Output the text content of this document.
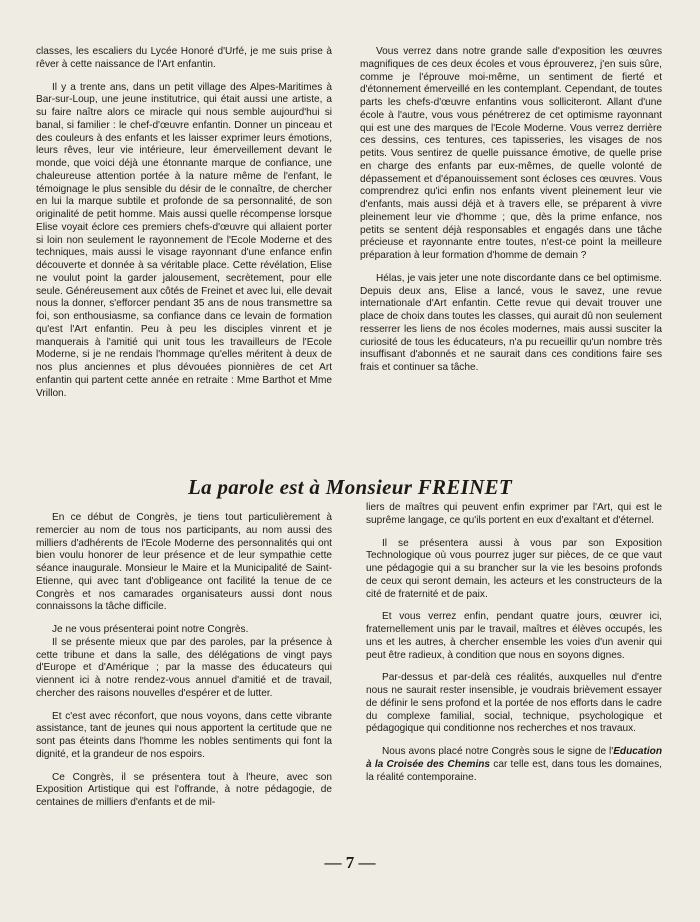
classes, les escaliers du Lycée Honoré d'Urfé, je me suis prise à rêver à cette naissance de l'Art enfantin.

Il y a trente ans, dans un petit village des Alpes-Maritimes à Bar-sur-Loup, une jeune institutrice, qui était aussi une artiste, a su faire naître alors ce miracle qui nous semble aujourd'hui si banal, si familier : le chef-d'œuvre enfantin. Donner un pinceau et des couleurs à des enfants et les laisser exprimer leurs émotions, leurs rêves, leur vie intérieure, leur émerveillement devant le monde, que voici déjà une étonnante marque de confiance, une chaleureuse attention portée à la nature même de l'enfant, le témoignage le plus sensible du désir de le connaître, de chercher en lui la marque subtile et profonde de sa personnalité, de son originalité de petit homme. Mais aussi quelle récompense lorsque Elise voyait éclore ces premiers chefs-d'œuvre qui allaient porter si loin non seulement le rayonnement de l'Ecole Moderne et des techniques, mais aussi le visage rayonnant d'une enfance enfin découverte et donnée à sa véritable place. Cette révélation, Elise ne voulut point la garder jalousement, secrètement, pour elle seule. Généreusement aux côtés de Freinet et avec lui, elle devait nous la donner, s'efforcer pendant 35 ans de nous transmettre sa foi, son enthousiasme, sa confiance dans ce levain de formation qu'est l'Art enfantin. Peu à peu les disciples vinrent et je manquerais à l'amitié qui unit tous les travailleurs de l'Ecole Moderne, si je ne rendais l'hommage qu'elles méritent à deux de nos plus anciennes et plus dévouées pionnières de cet Art enfantin qui partent cette année en retraite : Mme Barthot et Mme Vrillon.

Vous verrez dans notre grande salle d'exposition les œuvres magnifiques de ces deux écoles et vous éprouverez, j'en suis sûre, comme je l'éprouve moi-même, un sentiment de fierté et d'étonnement émerveillé en les contemplant. Cependant, de toutes parts les chefs-d'œuvre enfantins vous solliciteront. Allant d'une école à l'autre, vous vous pénétrerez de cet optimisme rayonnant qui est une des marques de l'Ecole Moderne. Vous verrez derrière ces dessins, ces tentures, ces tapisseries, les visages de nos petits. Vous sentirez de quelle puissance émotive, de quelle prise en charge des enfants par eux-mêmes, de quelle volonté de dépassement et d'épanouissement sont écloses ces œuvres. Vous comprendrez qu'ici enfin nos enfants vivent pleinement leur vie d'enfants, mais aussi déjà et à travers elle, se préparent à vivre pleinement leur vie d'homme ; que, dès la prime enfance, nos petits se sentent déjà responsables et engagés dans une tâche précieuse et rayonnante entre toutes, n'est-ce point la meilleure préparation à leur formation d'homme de demain ?

Hélas, je vais jeter une note discordante dans ce bel optimisme. Depuis deux ans, Elise a lancé, vous le savez, une revue internationale d'Art enfantin. Cette revue qui devait trouver une place de choix dans toutes les classes, qui aurait dû non seulement resserrer les liens de nos écoles modernes, mais aussi susciter la curiosité de tous les éducateurs, n'a pu recueillir qu'un nombre très insuffisant d'abonnés et ne saurait dans ces conditions faire ses frais et continuer sa tâche.

La parole est à Monsieur FREINET

En ce début de Congrès, je tiens tout particulièrement à remercier au nom de tous nos participants, au nom aussi des milliers d'adhérents de l'Ecole Moderne des personnalités qui ont bien voulu honorer de leur présence et de leur sympathie cette séance inaugurale. Monsieur le Maire et la Municipalité de Saint-Etienne, qui avec tant d'obligeance ont facilité la tenue de ce Congrès et nos camarades organisateurs aussi dont nous connaissons la tâche difficile.

Je ne vous présenterai point notre Congrès.

Il se présente mieux que par des paroles, par la présence à cette tribune et dans la salle, des délégations de vingt pays d'Europe et d'Amérique ; par la masse des éducateurs qui viennent ici à notre rendez-vous annuel d'amitié et de travail, chercher des raisons nouvelles d'espérer et de lutter.

Et c'est avec réconfort, que nous voyons, dans cette vibrante assistance, tant de jeunes qui nous apportent la certitude que ne sont pas éteints dans l'homme les nobles sentiments qui font la dignité, et la grandeur de nos espoirs.

Ce Congrès, il se présentera tout à l'heure, avec son Exposition Artistique qui est l'offrande, à notre pédagogie, de centaines de milliers d'enfants et de mil-

liers de maîtres qui peuvent enfin exprimer par l'Art, qui est le suprême langage, ce qu'ils portent en eux d'exaltant et d'éternel.

Il se présentera aussi à vous par son Exposition Technologique où vous pourrez juger sur pièces, de ce que vaut une pédagogie qui a su brancher sur la vie les besoins profonds de ceux qui seront demain, les acteurs et les constructeurs de la cité de fraternité et de paix.

Et vous verrez enfin, pendant quatre jours, œuvrer ici, fraternellement unis par le travail, maîtres et élèves occupés, les uns et les autres, à chercher ensemble les voies d'un avenir qui peut être radieux, à condition que nous en soyons dignes.

Par-dessus et par-delà ces réalités, auxquelles nul d'entre nous ne saurait rester insensible, je voudrais brièvement essayer de définir le sens profond et la portée de nos efforts dans le cadre du complexe familial, social, technique, psychologique et pédagogique qui conditionne nos recherches et nos travaux.

Nous avons placé notre Congrès sous le signe de l'Education à la Croisée des Chemins car telle est, dans tous les domaines, la réalité contemporaine.

— 7 —
